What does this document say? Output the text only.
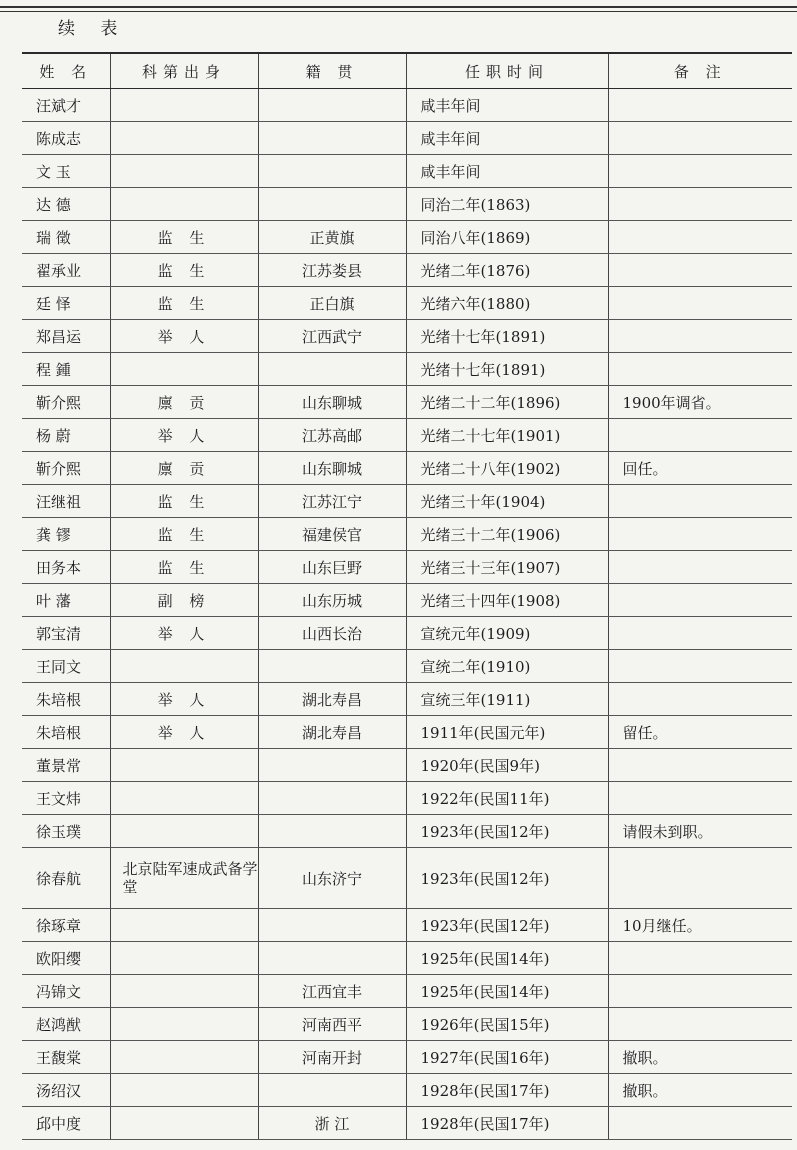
续 表
姓 名	科第出身	籍 贯	任职时间	备 注
汪斌才			咸丰年间	
陈成志			咸丰年间	
文 玉			咸丰年间	
达 德			同治二年(1863)	
瑞 徵	监 生	正黄旗	同治八年(1869)	
翟承业	监 生	江苏娄县	光绪二年(1876)	
廷 怿	监 生	正白旗	光绪六年(1880)	
郑昌运	举 人	江西武宁	光绪十七年(1891)	
程 鍾			光绪十七年(1891)	
靳介熙	廪 贡	山东聊城	光绪二十二年(1896)	1900年调省。
杨 蔚	举 人	江苏高邮	光绪二十七年(1901)	
靳介熙	廪 贡	山东聊城	光绪二十八年(1902)	回任。
汪继祖	监 生	江苏江宁	光绪三十年(1904)	
龚 镠	监 生	福建侯官	光绪三十二年(1906)	
田务本	监 生	山东巨野	光绪三十三年(1907)	
叶 藩	副 榜	山东历城	光绪三十四年(1908)	
郭宝清	举 人	山西长治	宣统元年(1909)	
王同文			宣统二年(1910)	
朱培根	举 人	湖北寿昌	宣统三年(1911)	
朱培根	举 人	湖北寿昌	1911年(民国元年)	留任。
董景常			1920年(民国9年)	
王文炜			1922年(民国11年)	
徐玉璞			1923年(民国12年)	请假未到职。
徐春航	北京陆军速成武备学堂	山东济宁	1923年(民国12年)	
徐琢章			1923年(民国12年)	10月继任。
欧阳缨			1925年(民国14年)	
冯锦文		江西宜丰	1925年(民国14年)	
赵鸿猷		河南西平	1926年(民国15年)	
王馥棠		河南开封	1927年(民国16年)	撤职。
汤绍汉			1928年(民国17年)	撤职。
邱中度		浙 江	1928年(民国17年)	
